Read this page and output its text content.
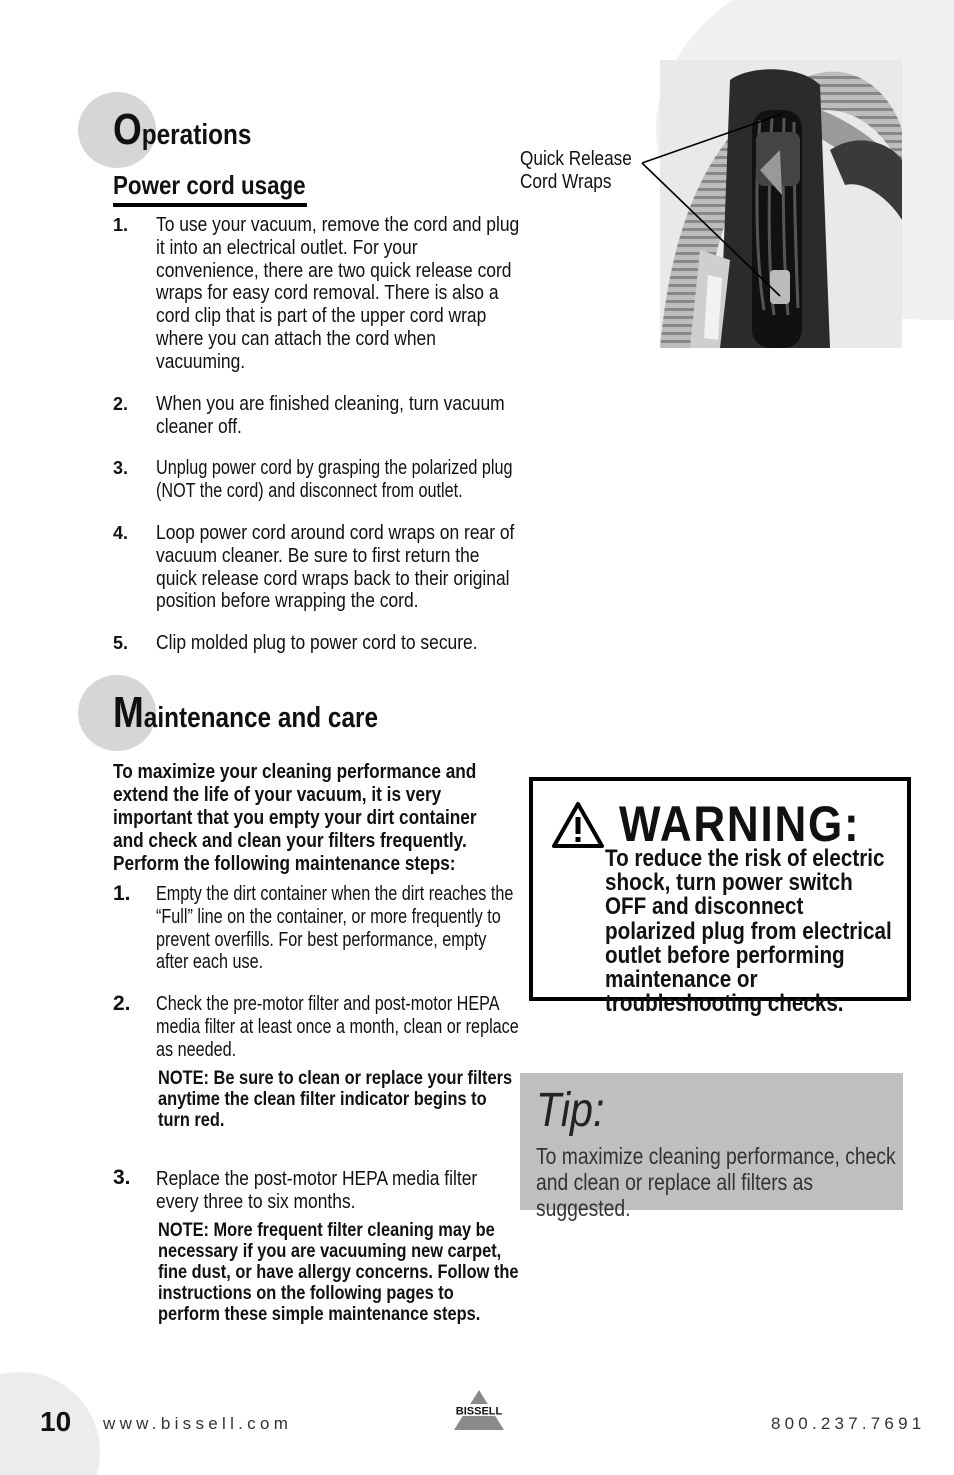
Operations
Power cord usage
1. To use your vacuum, remove the cord and plug it into an electrical outlet. For your convenience, there are two quick release cord wraps for easy cord removal. There is also a cord clip that is part of the upper cord wrap where you can attach the cord when vacuuming.
2. When you are finished cleaning, turn vacuum cleaner off.
3. Unplug power cord by grasping the polarized plug (NOT the cord) and disconnect from outlet.
4. Loop power cord around cord wraps on rear of vacuum cleaner. Be sure to first return the quick release cord wraps back to their original position before wrapping the cord.
5. Clip molded plug to power cord to secure.
Quick Release
Cord Wraps
Maintenance and care
To maximize your cleaning performance and extend the life of your vacuum, it is very important that you empty your dirt container and check and clean your filters frequently. Perform the following maintenance steps:
1. Empty the dirt container when the dirt reaches the “Full” line on the container, or more frequently to prevent overfills. For best performance, empty after each use.
2. Check the pre-motor filter and post-motor HEPA media filter at least once a month, clean or replace as needed.
NOTE: Be sure to clean or replace your filters anytime the clean filter indicator begins to turn red.
3. Replace the post-motor HEPA media filter every three to six months.
NOTE: More frequent filter cleaning may be necessary if you are vacuuming new carpet, fine dust, or have allergy concerns. Follow the instructions on the following pages to perform these simple maintenance steps.
WARNING:
To reduce the risk of electric shock, turn power switch OFF and disconnect polarized plug from electrical outlet before performing maintenance or troubleshooting checks.
Tip:
To maximize cleaning performance, check and clean or replace all filters as suggested.
10 www.bissell.com	800.237.7691
BISSELL
